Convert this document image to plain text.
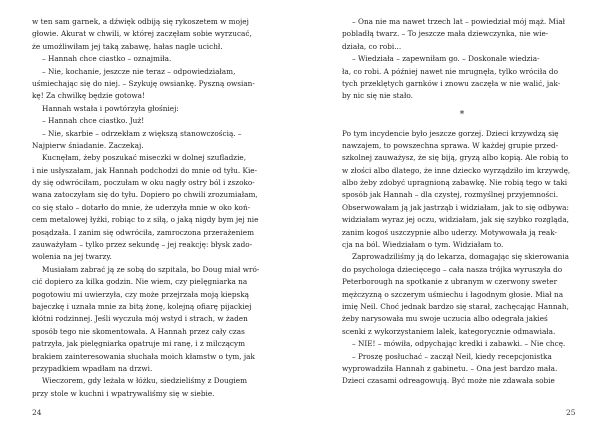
w ten sam garnek, a dźwięk odbiją się rykoszetem w mojej
głowie. Akurat w chwili, w której zaczęłam sobie wyrzucać,
że umożliwiłam jej taką zabawę, hałas nagle ucichł.
– Hannah chce ciastko – oznajmiła.
– Nie, kochanie, jeszcze nie teraz – odpowiedziałam,
uśmiechając się do niej. – Szykuję owsiankę. Pyszną owsian-
kę! Za chwilkę będzie gotowa!
Hannah wstała i powtórzyła głośniej:
– Hannah chce ciastko. Już!
– Nie, skarbie – odrzekłam z większą stanowczością. –
Najpierw śniadanie. Zaczekaj.
Kucnęłam, żeby poszukać miseczki w dolnej szufladzie,
i nie usłyszałam, jak Hannah podchodzi do mnie od tyłu. Kie-
dy się odwróciłam, poczułam w oku nagły ostry ból i zszoko-
wana zatoczyłam się do tyłu. Dopiero po chwili zrozumiałam,
co się stało – dotarło do mnie, że uderzyła mnie w oko koń-
cem metalowej łyżki, robiąc to z siłą, o jaką nigdy bym jej nie
posądzała. I zanim się odwróciła, zamroczona przerażeniem
zauważyłam – tylko przez sekundę – jej reakcję: błysk zado-
wolenia na jej twarzy.
Musiałam zabrać ją ze sobą do szpitala, bo Doug miał wró-
cić dopiero za kilka godzin. Nie wiem, czy pielęgniarka na
pogotowiu mi uwierzyła, czy może przejrzała moją kiepską
bajeczkę i uznała mnie za bitą żonę, kolejną ofiarę pijackiej
kłótni rodzinnej. Jeśli wyczuła mój wstyd i strach, w żaden
sposób tego nie skomentowała. A Hannah przez cały czas
patrzyła, jak pielęgniarka opatruje mi ranę, i z milczącym
brakiem zainteresowania słuchała moich kłamstw o tym, jak
przypadkiem wpadłam na drzwi.
Wieczorem, gdy leżała w łóżku, siedzieliśmy z Dougiem
przy stole w kuchni i wpatrywaliśmy się w siebie.
– Ona nie ma nawet trzech lat – powiedział mój mąż. Miał
pobladłą twarz. – To jeszcze mała dziewczynka, nie wie-
działa, co robi...
– Wiedziała – zapewniłam go. – Doskonale wiedzia-
ła, co robi. A później nawet nie mrugnęła, tylko wróciła do
tych przeklętych garnków i znowu zaczęła w nie walić, jak-
by nic się nie stało.
*
Po tym incydencie było jeszcze gorzej. Dzieci krzywdzą się
nawzajem, to powszechna sprawa. W każdej grupie przed-
szkolnej zauważysz, że się biją, gryzą albo kopią. Ale robią to
w złości albo dlatego, że inne dziecko wyrządziło im krzywdę,
albo żeby zdobyć upragnioną zabawkę. Nie robią tego w taki
sposób jak Hannah – dla czystej, rozmyślnej przyjemności.
Obserwowałam ją jak jastrząb i widziałam, jak to się odbywa:
widziałam wyraz jej oczu, widziałam, jak się szybko rozgląda,
zanim kogoś uszczypnie albo uderzy. Motywowała ją reak-
cja na ból. Wiedziałam o tym. Widziałam to.
Zaprowadziliśmy ją do lekarza, domagając się skierowania
do psychologa dziecięcego – cała nasza trójka wyruszyła do
Peterborough na spotkanie z ubranym w czerwony sweter
mężczyzną o szczerym uśmiechu i łagodnym głosie. Miał na
imię Neil. Choć jednak bardzo się starał, zachęcając Hannah,
żeby narysowała mu swoje uczucia albo odegrała jakieś
scenki z wykorzystaniem lalek, kategorycznie odmawiała.
– NIE! – mówiła, odpychając kredki i zabawki. – Nie chcę.
– Proszę posłuchać – zaczął Neil, kiedy recepcjonistka
wyprowadziła Hannah z gabinetu. – Ona jest bardzo mała.
Dzieci czasami odreagowują. Być może nie zdawała sobie
24	25
